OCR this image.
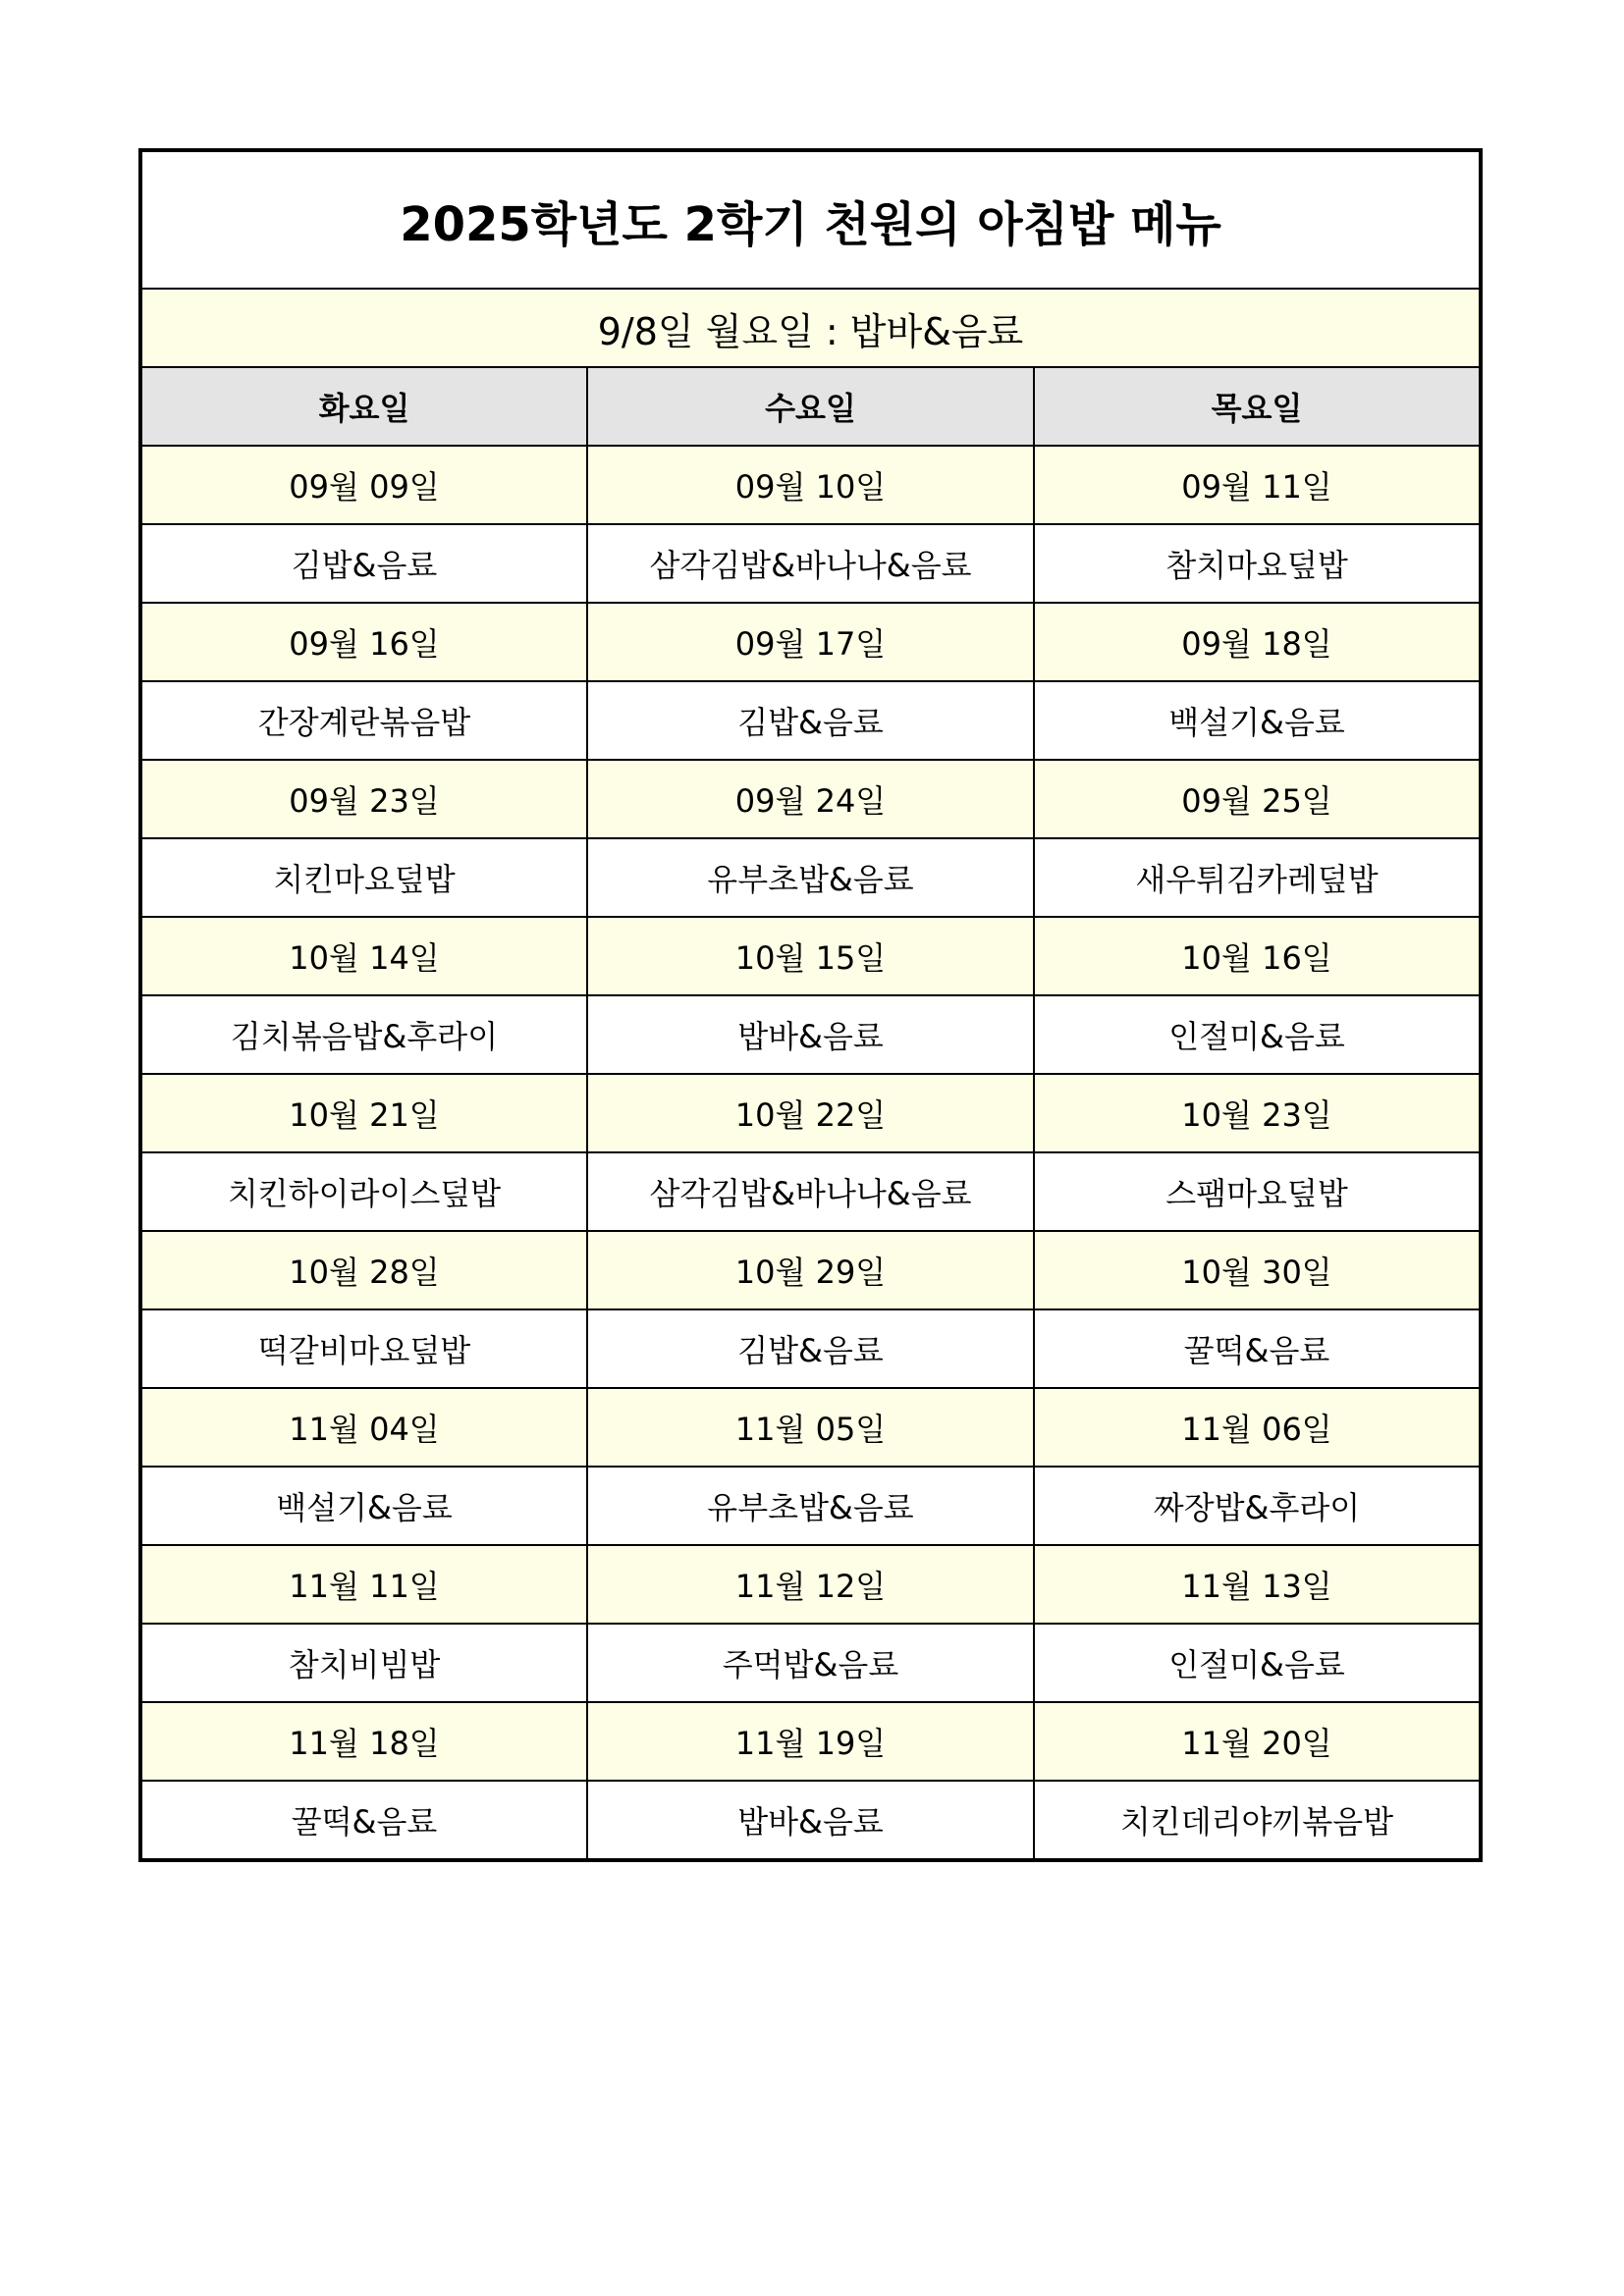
2025학년도 2학기 천원의 아침밥 메뉴		
9/8일 월요일 : 밥바&음료		
화요일	수요일	목요일
09월 09일	09월 10일	09월 11일
김밥&음료	삼각김밥&바나나&음료	참치마요덮밥
09월 16일	09월 17일	09월 18일
간장계란볶음밥	김밥&음료	백설기&음료
09월 23일	09월 24일	09월 25일
치킨마요덮밥	유부초밥&음료	새우튀김카레덮밥
10월 14일	10월 15일	10월 16일
김치볶음밥&후라이	밥바&음료	인절미&음료
10월 21일	10월 22일	10월 23일
치킨하이라이스덮밥	삼각김밥&바나나&음료	스팸마요덮밥
10월 28일	10월 29일	10월 30일
떡갈비마요덮밥	김밥&음료	꿀떡&음료
11월 04일	11월 05일	11월 06일
백설기&음료	유부초밥&음료	짜장밥&후라이
11월 11일	11월 12일	11월 13일
참치비빔밥	주먹밥&음료	인절미&음료
11월 18일	11월 19일	11월 20일
꿀떡&음료	밥바&음료	치킨데리야끼볶음밥
